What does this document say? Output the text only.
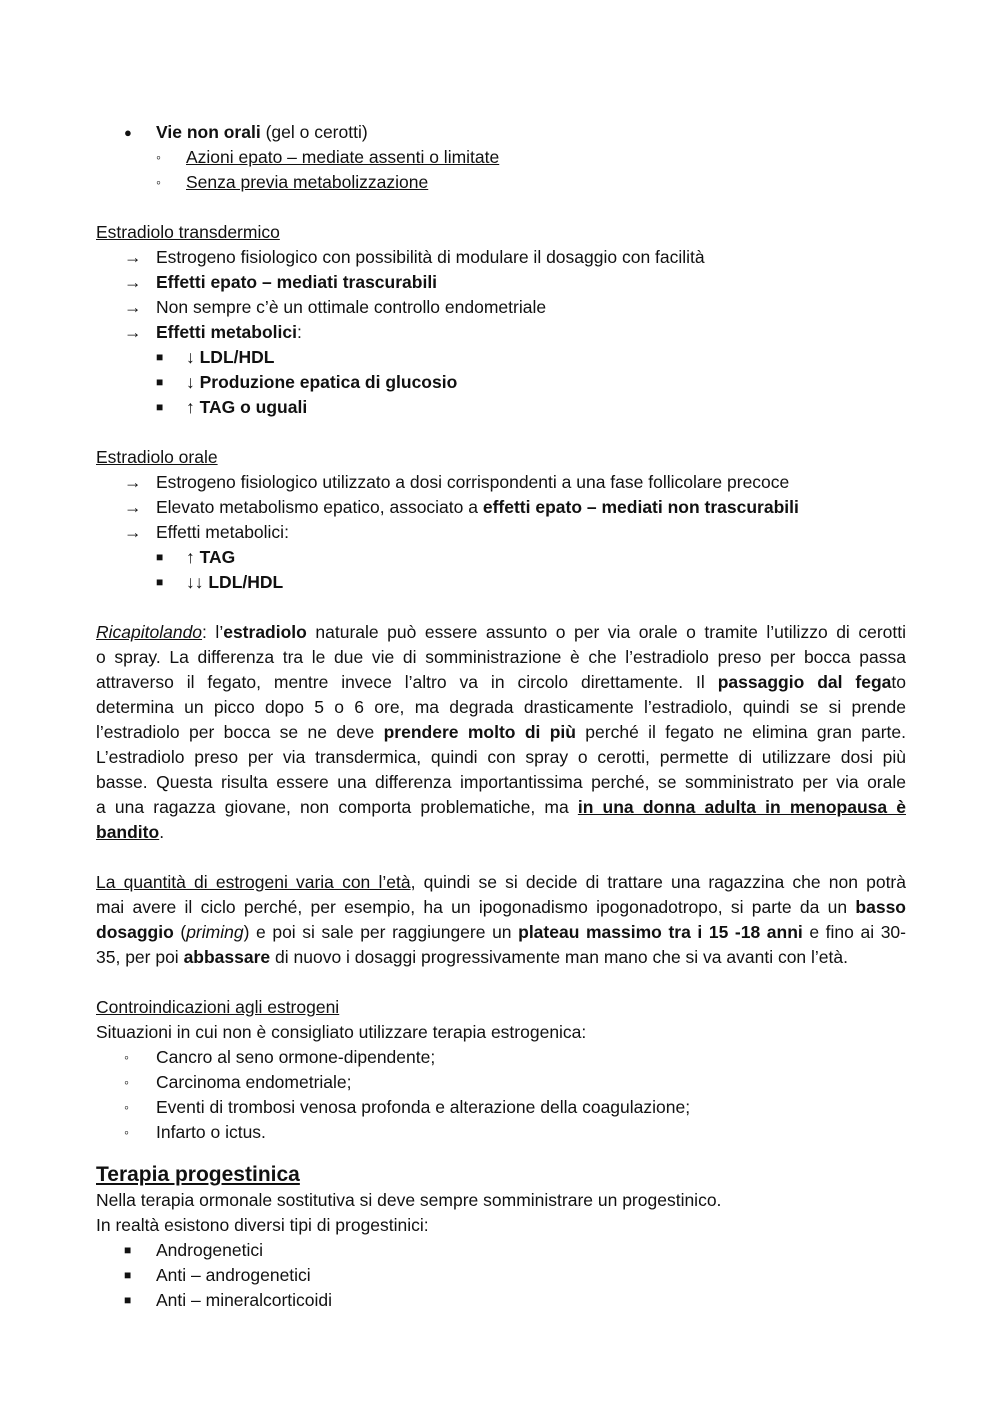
● Vie non orali (gel o cerotti)
◦ Azioni epato – mediate assenti o limitate
◦ Senza previa metabolizzazione
Estradiolo transdermico
→ Estrogeno fisiologico con possibilità di modulare il dosaggio con facilità
→ Effetti epato – mediati trascurabili
→ Non sempre c’è un ottimale controllo endometriale
→ Effetti metabolici:
■ ↓ LDL/HDL
■ ↓ Produzione epatica di glucosio
■ ↑ TAG o uguali
Estradiolo orale
→ Estrogeno fisiologico utilizzato a dosi corrispondenti a una fase follicolare precoce
→ Elevato metabolismo epatico, associato a effetti epato – mediati non trascurabili
→ Effetti metabolici:
■ ↑ TAG
■ ↓↓ LDL/HDL
Ricapitolando: l’estradiolo naturale può essere assunto o per via orale o tramite l’utilizzo di cerotti
o spray. La differenza tra le due vie di somministrazione è che l’estradiolo preso per bocca passa
attraverso il fegato, mentre invece l’altro va in circolo direttamente. Il passaggio dal fegato
determina un picco dopo 5 o 6 ore, ma degrada drasticamente l’estradiolo, quindi se si prende
l’estradiolo per bocca se ne deve prendere molto di più perché il fegato ne elimina gran parte.
L’estradiolo preso per via transdermica, quindi con spray o cerotti, permette di utilizzare dosi più
basse. Questa risulta essere una differenza importantissima perché, se somministrato per via orale
a una ragazza giovane, non comporta problematiche, ma in una donna adulta in menopausa è
bandito.
La quantità di estrogeni varia con l’età, quindi se si decide di trattare una ragazzina che non potrà
mai avere il ciclo perché, per esempio, ha un ipogonadismo ipogonadotropo, si parte da un basso
dosaggio (priming) e poi si sale per raggiungere un plateau massimo tra i 15 -18 anni e fino ai 30-
35, per poi abbassare di nuovo i dosaggi progressivamente man mano che si va avanti con l’età.
Controindicazioni agli estrogeni
Situazioni in cui non è consigliato utilizzare terapia estrogenica:
◦ Cancro al seno ormone-dipendente;
◦ Carcinoma endometriale;
◦ Eventi di trombosi venosa profonda e alterazione della coagulazione;
◦ Infarto o ictus.
Terapia progestinica
Nella terapia ormonale sostitutiva si deve sempre somministrare un progestinico.
In realtà esistono diversi tipi di progestinici:
■ Androgenetici
■ Anti – androgenetici
■ Anti – mineralcorticoidi
